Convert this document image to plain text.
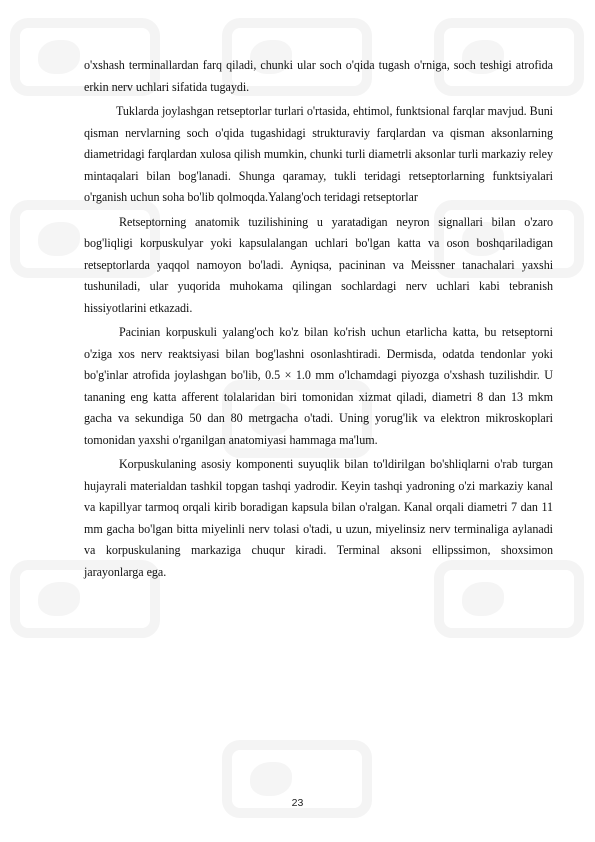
o'xshash terminallardan farq qiladi, chunki ular soch o'qida tugash o'rniga, soch teshigi atrofida erkin nerv uchlari sifatida tugaydi.

Tuklarda joylashgan retseptorlar turlari o'rtasida, ehtimol, funktsional farqlar mavjud. Buni qisman nervlarning soch o'qida tugashidagi strukturaviy farqlardan va qisman aksonlarning diametridagi farqlardan xulosa qilish mumkin, chunki turli diametrli aksonlar turli markaziy reley mintaqalari bilan bog'lanadi. Shunga qaramay, tukli teridagi retseptorlarning funktsiyalari o'rganish uchun soha bo'lib qolmoqda.Yalang'och teridagi retseptorlar

Retseptorning anatomik tuzilishining u yaratadigan neyron signallari bilan o'zaro bog'liqligi korpuskulyar yoki kapsulalangan uchlari bo'lgan katta va oson boshqariladigan retseptorlarda yaqqol namoyon bo'ladi. Ayniqsa, pacininan va Meissner tanachalari yaxshi tushuniladi, ular yuqorida muhokama qilingan sochlardagi nerv uchlari kabi tebranish hissiyotlarini etkazadi.

Pacinian korpuskuli yalang'och ko'z bilan ko'rish uchun etarlicha katta, bu retseptorni o'ziga xos nerv reaktsiyasi bilan bog'lashni osonlashtiradi. Dermisda, odatda tendonlar yoki bo'g'inlar atrofida joylashgan bo'lib, 0.5 × 1.0 mm o'lchamdagi piyozga o'xshash tuzilishdir. U tananing eng katta afferent tolalaridan biri tomonidan xizmat qiladi, diametri 8 dan 13 mkm gacha va sekundiga 50 dan 80 metrgacha o'tadi. Uning yorug'lik va elektron mikroskoplari tomonidan yaxshi o'rganilgan anatomiyasi hammaga ma'lum.

Korpuskulaning asosiy komponenti suyuqlik bilan to'ldirilgan bo'shliqlarni o'rab turgan hujayrali materialdan tashkil topgan tashqi yadrodir. Keyin tashqi yadroning o'zi markaziy kanal va kapillyar tarmoq orqali kirib boradigan kapsula bilan o'ralgan. Kanal orqali diametri 7 dan 11 mm gacha bo'lgan bitta miyelinli nerv tolasi o'tadi, u uzun, miyelinsiz nerv terminaliga aylanadi va korpuskulaning markaziga chuqur kiradi. Terminal aksoni ellipssimon, shoxsimon jarayonlarga ega.

23
